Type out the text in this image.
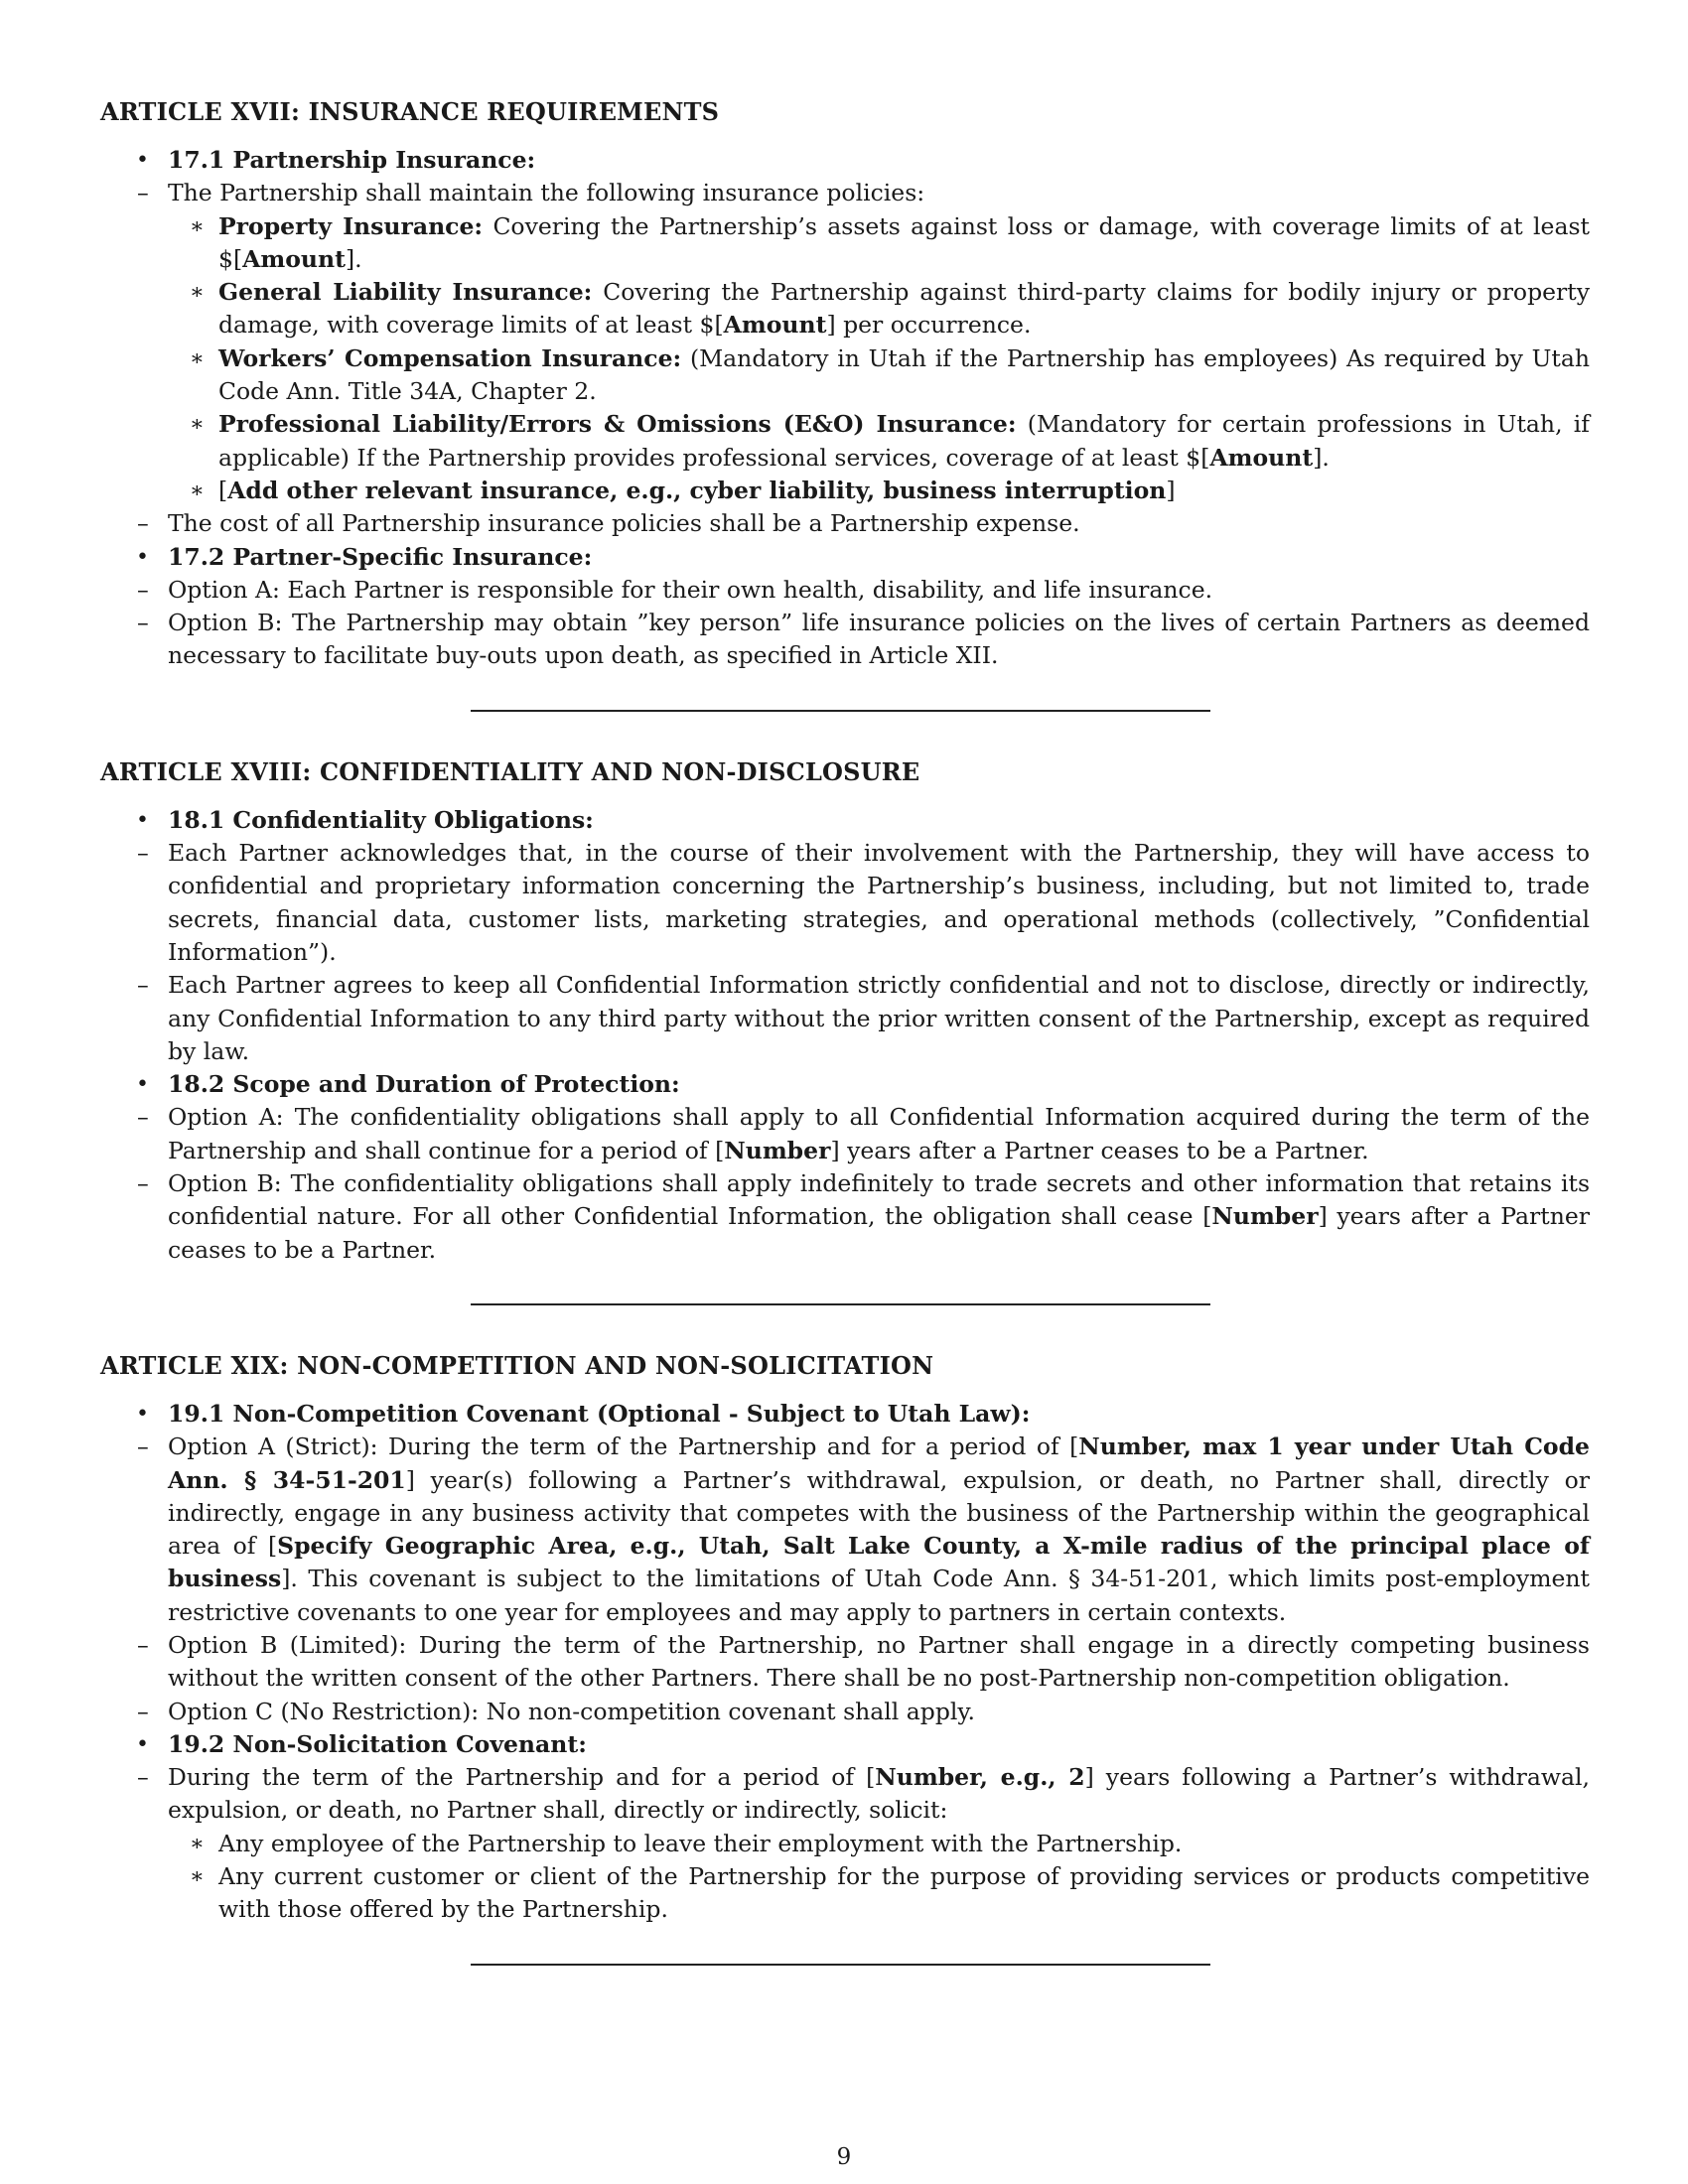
ARTICLE XVII: INSURANCE REQUIREMENTS
• 17.1 Partnership Insurance:
– The Partnership shall maintain the following insurance policies:
∗ Property Insurance: Covering the Partnership’s assets against loss or damage, with coverage limits of at least $[Amount].
∗ General Liability Insurance: Covering the Partnership against third-party claims for bodily injury or property damage, with coverage limits of at least $[Amount] per occurrence.
∗ Workers’ Compensation Insurance: (Mandatory in Utah if the Partnership has employees) As required by Utah Code Ann. Title 34A, Chapter 2.
∗ Professional Liability/Errors & Omissions (E&O) Insurance: (Mandatory for certain professions in Utah, if applicable) If the Partnership provides professional services, coverage of at least $[Amount].
∗ [Add other relevant insurance, e.g., cyber liability, business interruption]
– The cost of all Partnership insurance policies shall be a Partnership expense.
• 17.2 Partner-Specific Insurance:
– Option A: Each Partner is responsible for their own health, disability, and life insurance.
– Option B: The Partnership may obtain ”key person” life insurance policies on the lives of certain Partners as deemed necessary to facilitate buy-outs upon death, as specified in Article XII.
ARTICLE XVIII: CONFIDENTIALITY AND NON-DISCLOSURE
• 18.1 Confidentiality Obligations:
– Each Partner acknowledges that, in the course of their involvement with the Partnership, they will have access to confidential and proprietary information concerning the Partnership’s business, including, but not limited to, trade secrets, financial data, customer lists, marketing strategies, and operational methods (collectively, ”Confidential Information”).
– Each Partner agrees to keep all Confidential Information strictly confidential and not to disclose, directly or indirectly, any Confidential Information to any third party without the prior written consent of the Partnership, except as required by law.
• 18.2 Scope and Duration of Protection:
– Option A: The confidentiality obligations shall apply to all Confidential Information acquired during the term of the Partnership and shall continue for a period of [Number] years after a Partner ceases to be a Partner.
– Option B: The confidentiality obligations shall apply indefinitely to trade secrets and other information that retains its confidential nature. For all other Confidential Information, the obligation shall cease [Number] years after a Partner ceases to be a Partner.
ARTICLE XIX: NON-COMPETITION AND NON-SOLICITATION
• 19.1 Non-Competition Covenant (Optional - Subject to Utah Law):
– Option A (Strict): During the term of the Partnership and for a period of [Number, max 1 year under Utah Code Ann. § 34-51-201] year(s) following a Partner’s withdrawal, expulsion, or death, no Partner shall, directly or indirectly, engage in any business activity that competes with the business of the Partnership within the geographical area of [Specify Geographic Area, e.g., Utah, Salt Lake County, a X-mile radius of the principal place of business]. This covenant is subject to the limitations of Utah Code Ann. § 34-51-201, which limits post-employment restrictive covenants to one year for employees and may apply to partners in certain contexts.
– Option B (Limited): During the term of the Partnership, no Partner shall engage in a directly competing business without the written consent of the other Partners. There shall be no post-Partnership non-competition obligation.
– Option C (No Restriction): No non-competition covenant shall apply.
• 19.2 Non-Solicitation Covenant:
– During the term of the Partnership and for a period of [Number, e.g., 2] years following a Partner’s withdrawal, expulsion, or death, no Partner shall, directly or indirectly, solicit:
∗ Any employee of the Partnership to leave their employment with the Partnership.
∗ Any current customer or client of the Partnership for the purpose of providing services or products competitive with those offered by the Partnership.
9
